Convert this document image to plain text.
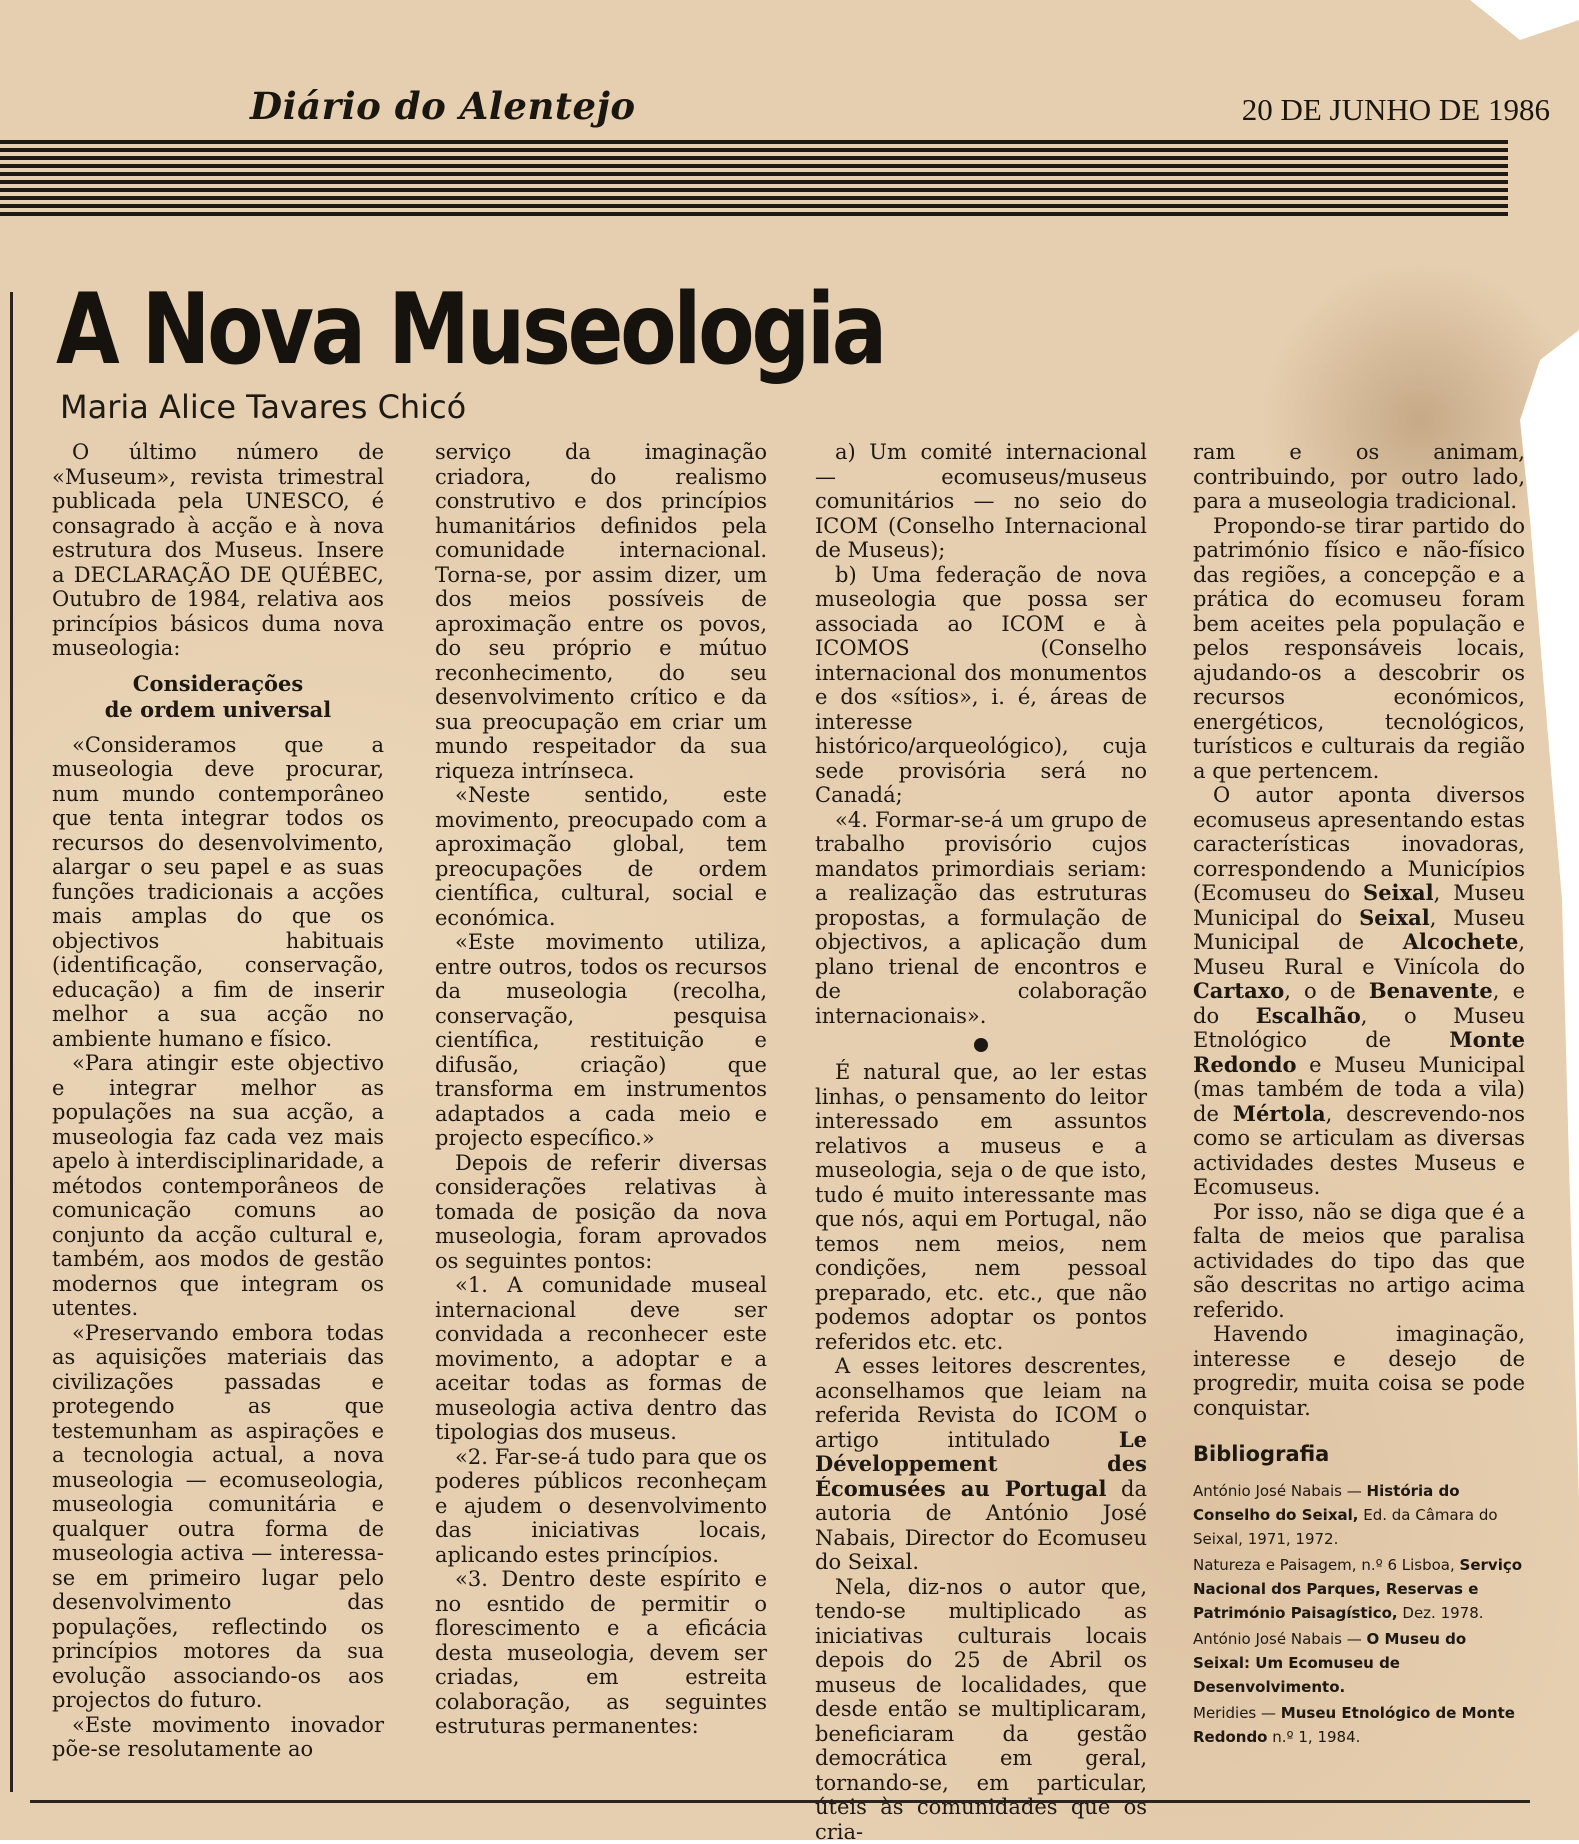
Diário do Alentejo	20 DE JUNHO DE 1986
A Nova Museologia
Maria Alice Tavares Chicó

O último número de «Museum», revista trimestral publicada pela UNESCO, é consagrado à acção e à nova estrutura dos Museus. Insere a DECLARAÇÃO DE QUÉBEC, Outubro de 1984, relativa aos princípios básicos duma nova museologia:

Considerações
de ordem universal

«Consideramos que a museologia deve procurar, num mundo contemporâneo que tenta integrar todos os recursos do desenvolvimento, alargar o seu papel e as suas funções tradicionais a acções mais amplas do que os objectivos habituais (identificação, conservação, educação) a fim de inserir melhor a sua acção no ambiente humano e físico.

«Para atingir este objectivo e integrar melhor as populações na sua acção, a museologia faz cada vez mais apelo à interdisciplinaridade, a métodos contemporâneos de comunicação comuns ao conjunto da acção cultural e, também, aos modos de gestão modernos que integram os utentes.

«Preservando embora todas as aquisições materiais das civilizações passadas e protegendo as que testemunham as aspirações e a tecnologia actual, a nova museologia — ecomuseologia, museologia comunitária e qualquer outra forma de museologia activa — interessa-se em primeiro lugar pelo desenvolvimento das populações, reflectindo os princípios motores da sua evolução associando-os aos projectos do futuro.

«Este movimento inovador põe-se resolutamente ao

serviço da imaginação criadora, do realismo construtivo e dos princípios humanitários definidos pela comunidade internacional. Torna-se, por assim dizer, um dos meios possíveis de aproximação entre os povos, do seu próprio e mútuo reconhecimento, do seu desenvolvimento crítico e da sua preocupação em criar um mundo respeitador da sua riqueza intrínseca.

«Neste sentido, este movimento, preocupado com a aproximação global, tem preocupações de ordem científica, cultural, social e económica.

«Este movimento utiliza, entre outros, todos os recursos da museologia (recolha, conservação, pesquisa científica, restituição e difusão, criação) que transforma em instrumentos adaptados a cada meio e projecto específico.»

Depois de referir diversas considerações relativas à tomada de posição da nova museologia, foram aprovados os seguintes pontos:

«1. A comunidade museal internacional deve ser convidada a reconhecer este movimento, a adoptar e a aceitar todas as formas de museologia activa dentro das tipologias dos museus.

«2. Far-se-á tudo para que os poderes públicos reconheçam e ajudem o desenvolvimento das iniciativas locais, aplicando estes princípios.

«3. Dentro deste espírito e no esntido de permitir o florescimento e a eficácia desta museologia, devem ser criadas, em estreita colaboração, as seguintes estruturas permanentes:

a) Um comité internacional — ecomuseus/museus comunitários — no seio do ICOM (Conselho Internacional de Museus);

b) Uma federação de nova museologia que possa ser associada ao ICOM e à ICOMOS (Conselho internacional dos monumentos e dos «sítios», i. é, áreas de interesse histórico/arqueológico), cuja sede provisória será no Canadá;

«4. Formar-se-á um grupo de trabalho provisório cujos mandatos primordiais seriam: a realização das estruturas propostas, a formulação de objectivos, a aplicação dum plano trienal de encontros e de colaboração internacionais».

É natural que, ao ler estas linhas, o pensamento do leitor interessado em assuntos relativos a museus e a museologia, seja o de que isto, tudo é muito interessante mas que nós, aqui em Portugal, não temos nem meios, nem condições, nem pessoal preparado, etc. etc., que não podemos adoptar os pontos referidos etc. etc.

A esses leitores descrentes, aconselhamos que leiam na referida Revista do ICOM o artigo intitulado	Le Développement des Écomusées au Portugal da autoria de António José Nabais, Director do Ecomuseu do Seixal.

Nela, diz-nos o autor que, tendo-se multiplicado as iniciativas culturais locais depois do 25 de Abril os museus de localidades, que desde então se multiplicaram, beneficiaram da gestão democrática em geral, tornando-se, em particular, úteis às comunidades que os cria-

ram e os animam, contribuindo, por outro lado, para a museologia tradicional.

Propondo-se tirar partido do património físico e não-físico das regiões, a concepção e a prática do ecomuseu foram bem aceites pela população e pelos responsáveis locais, ajudando-os a descobrir os recursos económicos, energéticos, tecnológicos, turísticos e culturais da região a que pertencem.

O autor aponta diversos ecomuseus apresentando estas características inovadoras, correspondendo a Municípios (Ecomuseu do Seixal, Museu Municipal do Seixal, Museu Municipal de Alcochete, Museu Rural e Vinícola do Cartaxo, o de Benavente, e do Escalhão, o Museu Etnológico de	Monte Redondo e Museu Municipal (mas também de toda a vila) de Mértola, descrevendo-nos como se articulam as diversas actividades destes Museus e Ecomuseus.

Por isso, não se diga que é a falta de meios que paralisa actividades do tipo das que são descritas no artigo acima referido.

Havendo imaginação, interesse e desejo de progredir, muita coisa se pode conquistar.

Bibliografia
António José Nabais — História do Conselho do Seixal, Ed. da Câmara do Seixal, 1971, 1972.
Natureza e Paisagem, n.º 6 Lisboa, Serviço Nacional dos Parques, Reservas e Património Paisagístico, Dez. 1978.
António José Nabais — O Museu do Seixal: Um Ecomuseu de Desenvolvimento.
Meridies — Museu Etnológico de Monte Redondo n.º 1, 1984.
